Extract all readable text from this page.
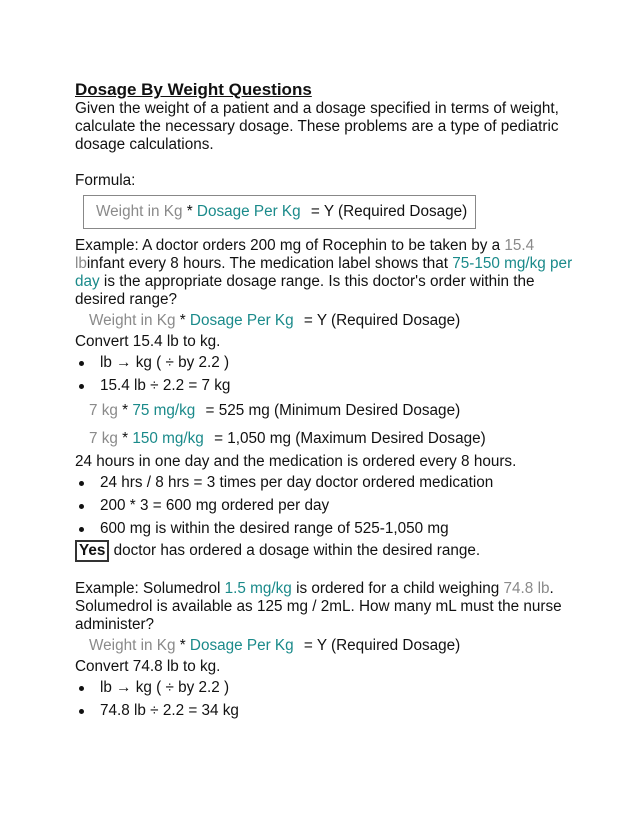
Dosage By Weight Questions

Given the weight of a patient and a dosage specified in terms of weight, calculate the necessary dosage. These problems are a type of pediatric dosage calculations.

Formula:

Weight in Kg * Dosage Per Kg = Y (Required Dosage)

Example: A doctor orders 200 mg of Rocephin to be taken by a 15.4 lbinfant every 8 hours. The medication label shows that 75-150 mg/kg per day is the appropriate dosage range. Is this doctor's order within the desired range?

Weight in Kg * Dosage Per Kg = Y (Required Dosage)

Convert 15.4 lb to kg.

lb → kg ( ÷ by 2.2 )
15.4 lb ÷ 2.2 = 7 kg
7 kg * 75 mg/kg = 525 mg (Minimum Desired Dosage)
7 kg * 150 mg/kg = 1,050 mg (Maximum Desired Dosage)

24 hours in one day and the medication is ordered every 8 hours.

24 hrs / 8 hrs = 3 times per day doctor ordered medication
200 * 3 = 600 mg ordered per day
600 mg is within the desired range of 525-1,050 mg

Yes doctor has ordered a dosage within the desired range.

Example: Solumedrol 1.5 mg/kg is ordered for a child weighing 74.8 lb. Solumedrol is available as 125 mg / 2mL. How many mL must the nurse administer?

Weight in Kg * Dosage Per Kg = Y (Required Dosage)

Convert 74.8 lb to kg.

lb → kg ( ÷ by 2.2 )
74.8 lb ÷ 2.2 = 34 kg
